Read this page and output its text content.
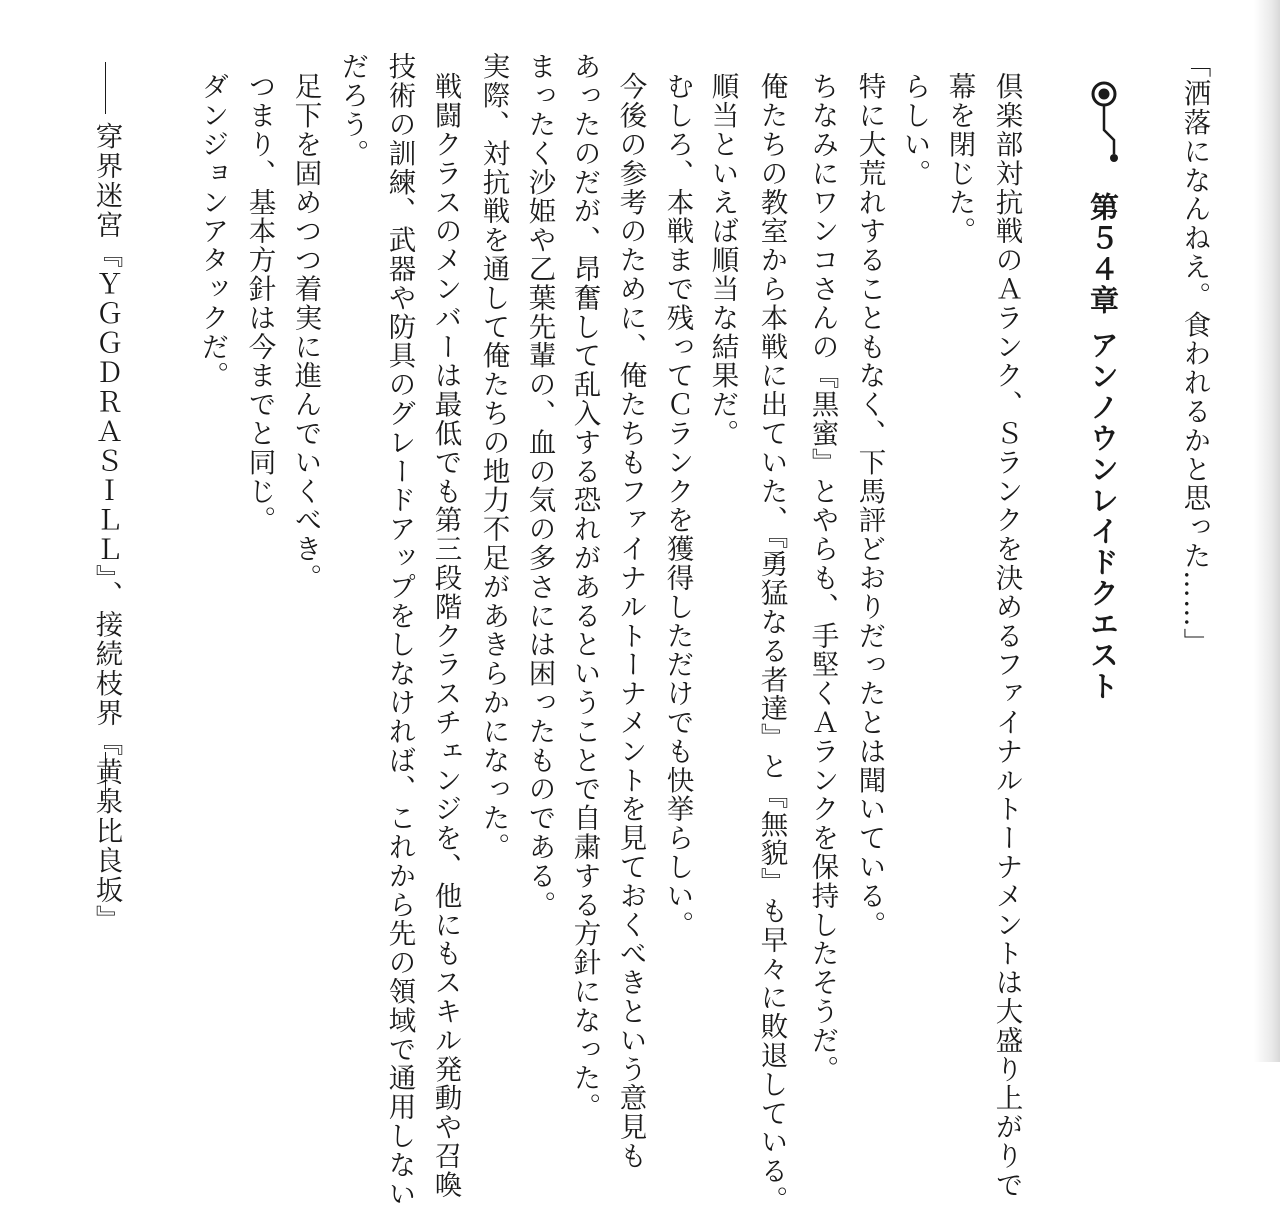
「洒落になんねえ。食われるかと思った……」

第５４章

アンノウンレイドクエスト

倶楽部対抗戦のＡランク、Ｓランクを決めるファイナルトーナメントは大盛り上がりで

幕を閉じた。

らしい。

特に大荒れすることもなく、下馬評どおりだったとは聞いている。

ちなみにワンコさんの『黒蜜』とやらも、手堅くＡランクを保持したそうだ。

俺たちの教室から本戦に出ていた、『勇猛なる者達』と『無貌』も早々に敗退している。

順当といえば順当な結果だ。

むしろ、本戦まで残ってＣランクを獲得しただけでも快挙らしい。

今後の参考のために、俺たちもファイナルトーナメントを見ておくべきという意見も

あったのだが、昂奮して乱入する恐れがあるということで自粛する方針になった。

まったく沙姫や乙葉先輩の、血の気の多さには困ったものである。

実際、対抗戦を通して俺たちの地力不足があきらかになった。

戦闘クラスのメンバーは最低でも第三段階クラスチェンジを、他にもスキル発動や召喚

技術の訓練、武器や防具のグレードアップをしなければ、これから先の領域で通用しない

だろう。

足下を固めつつ着実に進んでいくべき。

つまり、基本方針は今までと同じ。

ダンジョンアタックだ。

穿界迷宮『ＹＧＧＤＲＡＳＩＬＬ』、接続枝界『黄泉比良坂』
